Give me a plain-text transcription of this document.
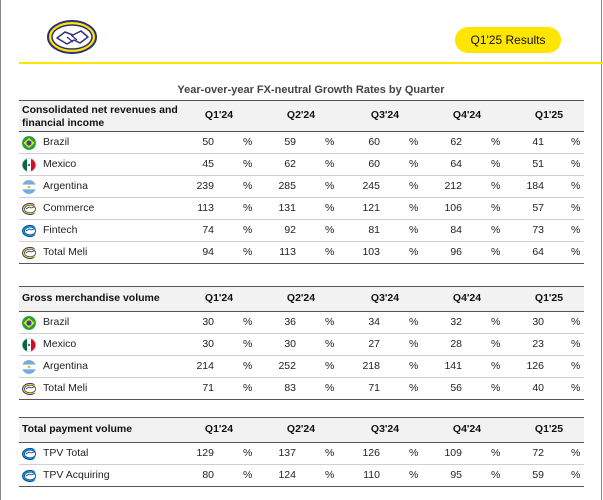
Q1'25 Results
Year-over-year FX-neutral Growth Rates by Quarter
Consolidated net revenues and financial income
Q1'24	Q2'24	Q3'24	Q4'24	Q1'25
Brazil	50	%	59	%	60	%	62	%	41	%
Mexico	45	%	62	%	60	%	64	%	51	%
Argentina	239	%	285	%	245	%	212	%	184	%
Commerce	113	%	131	%	121	%	106	%	57	%
Fintech	74	%	92	%	81	%	84	%	73	%
Total Meli	94	%	113	%	103	%	96	%	64	%
Gross merchandise volume	Q1'24	Q2'24	Q3'24	Q4'24	Q1'25
Brazil	30	%	36	%	34	%	32	%	30	%
Mexico	30	%	30	%	27	%	28	%	23	%
Argentina	214	%	252	%	218	%	141	%	126	%
Total Meli	71	%	83	%	71	%	56	%	40	%
Total payment volume	Q1'24	Q2'24	Q3'24	Q4'24	Q1'25
TPV Total	129	%	137	%	126	%	109	%	72	%
TPV Acquiring	80	%	124	%	110	%	95	%	59	%
